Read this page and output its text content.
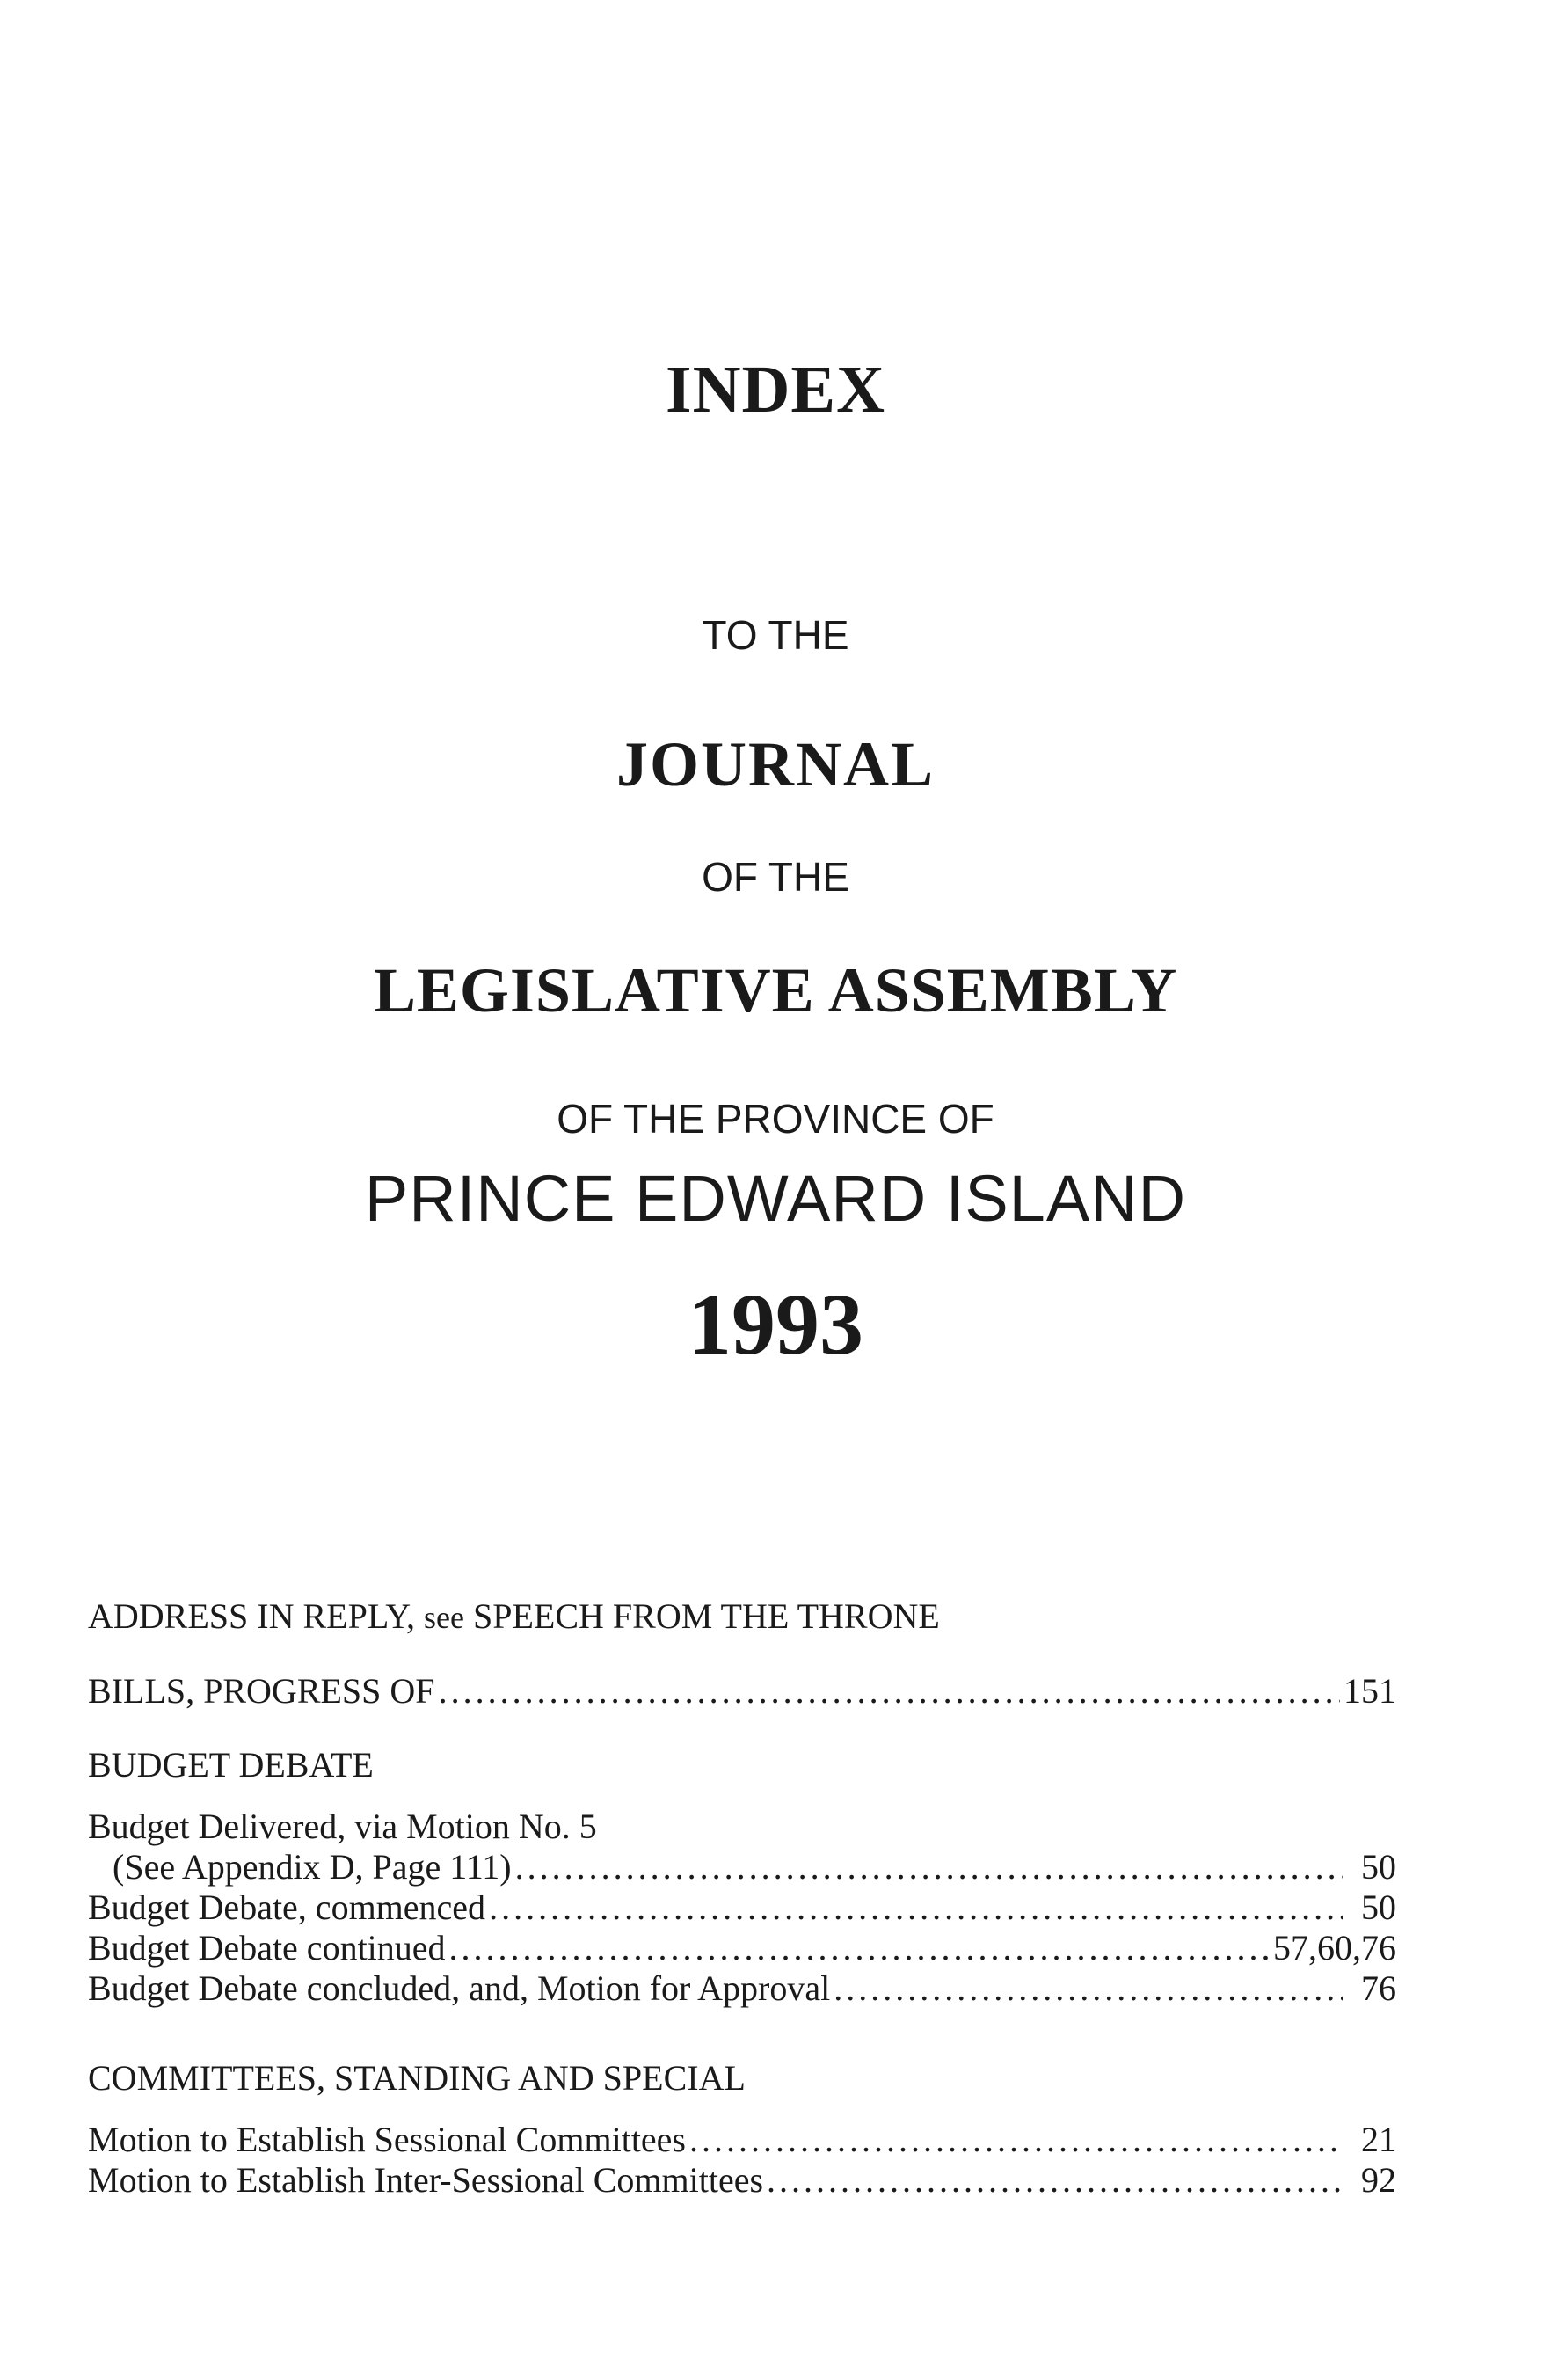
INDEX
TO THE
JOURNAL
OF THE
LEGISLATIVE ASSEMBLY
OF THE PROVINCE OF
PRINCE EDWARD ISLAND
1993
ADDRESS IN REPLY, see SPEECH FROM THE THRONE
BILLS, PROGRESS OF .....	151
BUDGET DEBATE
Budget Delivered, via Motion No. 5
(See Appendix D, Page 111) .....	50
Budget Debate, commenced .....	50
Budget Debate continued .....	57,60,76
Budget Debate concluded, and, Motion for Approval .....	76
COMMITTEES, STANDING AND SPECIAL
Motion to Establish Sessional Committees .....	21
Motion to Establish Inter-Sessional Committees .....	92
